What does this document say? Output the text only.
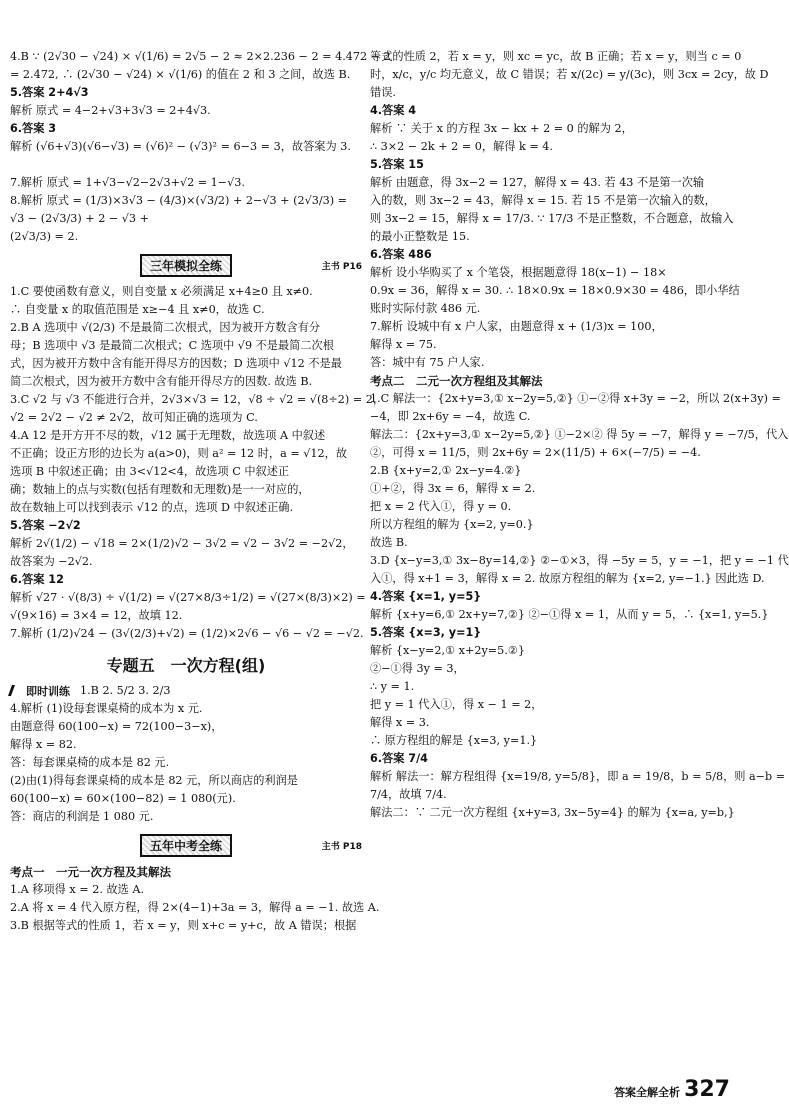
4.B ∵ (2√30 − √24) × √(1/6) = 2√5 − 2 ≈ 2×2.236 − 2 = 4.472 − 2
= 2.472, ∴ (2√30 − √24) × √(1/6) 的值在 2 和 3 之间，故选 B.
5.答案 2+4√3
解析 原式 = 4−2+√3+3√3 = 2+4√3.
6.答案 3
解析 (√6+√3)(√6−√3) = (√6)² − (√3)² = 6−3 = 3，故答案为 3.
7.解析 原式 = 1+√3−√2−2√3+√2 = 1−√3.
8.解析 原式 = (1/3)×3√3 − (4/3)×(√3/2) + 2−√3 + (2√3/3) = √3 − (2√3/3) + 2 − √3 +
(2√3/3) = 2.
三年模拟全练	主书 P16
1.C 要使函数有意义，则自变量 x 必须满足 x+4≥0 且 x≠0.
∴ 自变量 x 的取值范围是 x≥−4 且 x≠0，故选 C.
2.B A 选项中 √(2/3) 不是最简二次根式，因为被开方数含有分
母；B 选项中 √3 是最简二次根式；C 选项中 √9 不是最简二次根
式，因为被开方数中含有能开得尽方的因数；D 选项中 √12 不是最
简二次根式，因为被开方数中含有能开得尽方的因数. 故选 B.
3.C √2 与 √3 不能进行合并，2√3×√3 = 12，√8 ÷ √2 = √(8÷2) = 2，
√2 = 2√2 − √2 ≠ 2√2，故可知正确的选项为 C.
4.A 12 是开方开不尽的数，√12 属于无理数，故选项 A 中叙述
不正确；设正方形的边长为 a(a>0)，则 a² = 12 时，a = √12，故
选项 B 中叙述正确；由 3<√12<4，故选项 C 中叙述正
确；数轴上的点与实数(包括有理数和无理数)是一一对应的，
故在数轴上可以找到表示 √12 的点，选项 D 中叙述正确.
5.答案 −2√2
解析 2√(1/2) − √18 = 2×(1/2)√2 − 3√2 = √2 − 3√2 = −2√2，故答案为 −2√2.
6.答案 12
解析 √27 · √(8/3) ÷ √(1/2) = √(27×8/3÷1/2) = √(27×(8/3)×2) =
√(9×16) = 3×4 = 12，故填 12.
7.解析 (1/2)√24 − (3√(2/3)+√2) = (1/2)×2√6 − √6 − √2 = −√2.
专题五　一次方程(组)
即时训练 1.B 2. 5/2 3. 2/3
4.解析 (1)设每套课桌椅的成本为 x 元.
由题意得 60(100−x) = 72(100−3−x)，
解得 x = 82.
答：每套课桌椅的成本是 82 元.
(2)由(1)得每套课桌椅的成本是 82 元，所以商店的利润是
60(100−x) = 60×(100−82) = 1 080(元).
答：商店的利润是 1 080 元.
五年中考全练	主书 P18
考点一　一元一次方程及其解法
1.A 移项得 x = 2. 故选 A.
2.A 将 x = 4 代入原方程，得 2×(4−1)+3a = 3，解得 a = −1. 故选 A.
3.B 根据等式的性质 1，若 x = y，则 x+c = y+c，故 A 错误；根据
等式的性质 2，若 x = y，则 xc = yc，故 B 正确；若 x = y，则当 c = 0
时，x/c，y/c 均无意义，故 C 错误；若 x/(2c) = y/(3c)，则 3cx = 2cy，故 D
错误.
4.答案 4
解析 ∵ 关于 x 的方程 3x − kx + 2 = 0 的解为 2，
∴ 3×2 − 2k + 2 = 0，解得 k = 4.
5.答案 15
解析 由题意，得 3x−2 = 127，解得 x = 43. 若 43 不是第一次输
入的数，则 3x−2 = 43，解得 x = 15. 若 15 不是第一次输入的数，
则 3x−2 = 15，解得 x = 17/3. ∵ 17/3 不是正整数，不合题意，故输入
的最小正整数是 15.
6.答案 486
解析 设小华购买了 x 个笔袋，根据题意得 18(x−1) − 18×
0.9x = 36，解得 x = 30. ∴ 18×0.9x = 18×0.9×30 = 486，即小华结
账时实际付款 486 元.
7.解析 设城中有 x 户人家，由题意得 x + (1/3)x = 100，
解得 x = 75.
答：城中有 75 户人家.
考点二　二元一次方程组及其解法
1.C 解法一：{2x+y=3,① x−2y=5,②} ①−②得 x+3y = −2，所以 2(x+3y) =
−4，即 2x+6y = −4，故选 C.
解法二：{2x+y=3,① x−2y=5,②} ①−2×② 得 5y = −7，解得 y = −7/5，代入
②，可得 x = 11/5，则 2x+6y = 2×(11/5) + 6×(−7/5) = −4.
2.B {x+y=2,① 2x−y=4.②}
①+②，得 3x = 6，解得 x = 2.
把 x = 2 代入①，得 y = 0.
所以方程组的解为 {x=2, y=0.}
故选 B.
3.D {x−y=3,① 3x−8y=14,②} ②−①×3，得 −5y = 5，y = −1，把 y = −1 代
入①，得 x+1 = 3，解得 x = 2. 故原方程组的解为 {x=2, y=−1.} 因此选 D.
4.答案 {x=1, y=5}
解析 {x+y=6,① 2x+y=7,②} ②−①得 x = 1，从而 y = 5，∴ {x=1, y=5.}
5.答案 {x=3, y=1}
解析 {x−y=2,① x+2y=5.②}
②−①得 3y = 3，
∴ y = 1.
把 y = 1 代入①，得 x − 1 = 2，
解得 x = 3.
∴ 原方程组的解是 {x=3, y=1.}
6.答案 7/4
解析 解法一：解方程组得 {x=19/8, y=5/8}，即 a = 19/8，b = 5/8，则 a−b =
7/4，故填 7/4.
解法二：∵ 二元一次方程组 {x+y=3, 3x−5y=4} 的解为 {x=a, y=b,}
答案全解全析 327
